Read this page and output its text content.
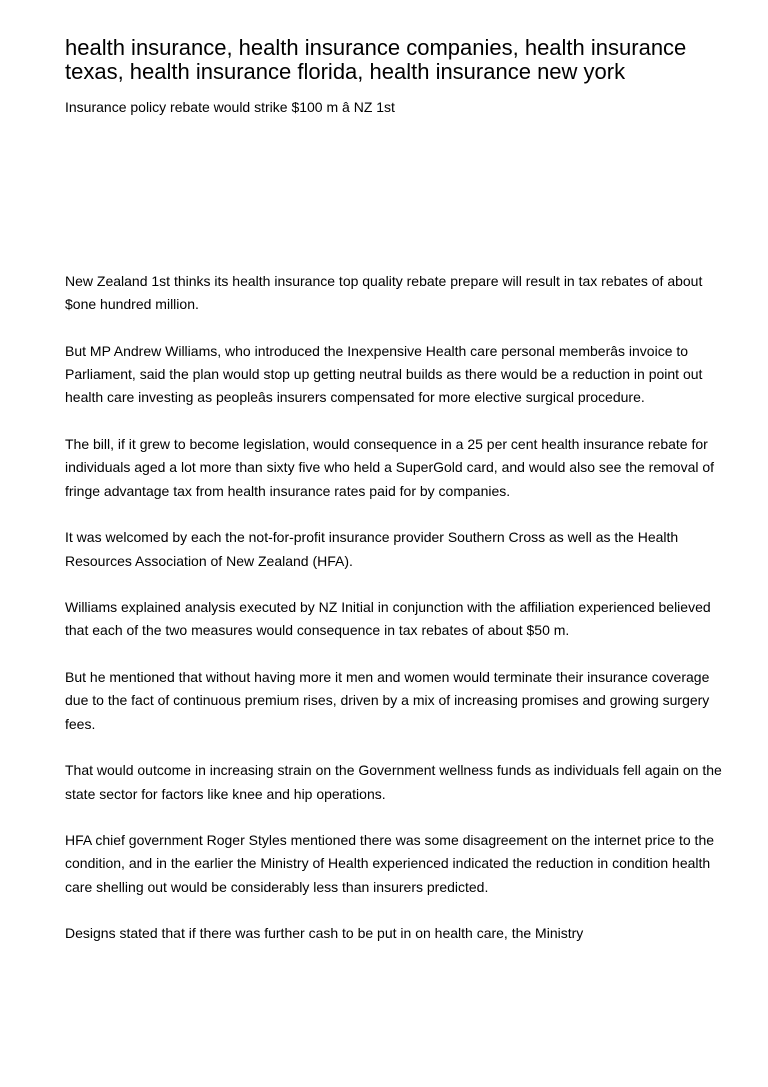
health insurance, health insurance companies, health insurance texas, health insurance florida, health insurance new york
Insurance policy rebate would strike $100 m â NZ 1st

New Zealand 1st thinks its health insurance top quality rebate prepare will result in tax rebates of about $one hundred million.

But MP Andrew Williams, who introduced the Inexpensive Health care personal memberâs invoice to Parliament, said the plan would stop up getting neutral builds as there would be a reduction in point out health care investing as peopleâs insurers compensated for more elective surgical procedure.

The bill, if it grew to become legislation, would consequence in a 25 per cent health insurance rebate for individuals aged a lot more than sixty five who held a SuperGold card, and would also see the removal of fringe advantage tax from health insurance rates paid for by companies.

It was welcomed by each the not-for-profit insurance provider Southern Cross as well as the Health Resources Association of New Zealand (HFA).

Williams explained analysis executed by NZ Initial in conjunction with the affiliation experienced believed that each of the two measures would consequence in tax rebates of about $50 m.

But he mentioned that without having more it men and women would terminate their insurance coverage due to the fact of continuous premium rises, driven by a mix of increasing promises and growing surgery fees.

That would outcome in increasing strain on the Government wellness funds as individuals fell again on the state sector for factors like knee and hip operations.

HFA chief government Roger Styles mentioned there was some disagreement on the internet price to the condition, and in the earlier the Ministry of Health experienced indicated the reduction in condition health care shelling out would be considerably less than insurers predicted.

Designs stated that if there was further cash to be put in on health care, the Ministry
